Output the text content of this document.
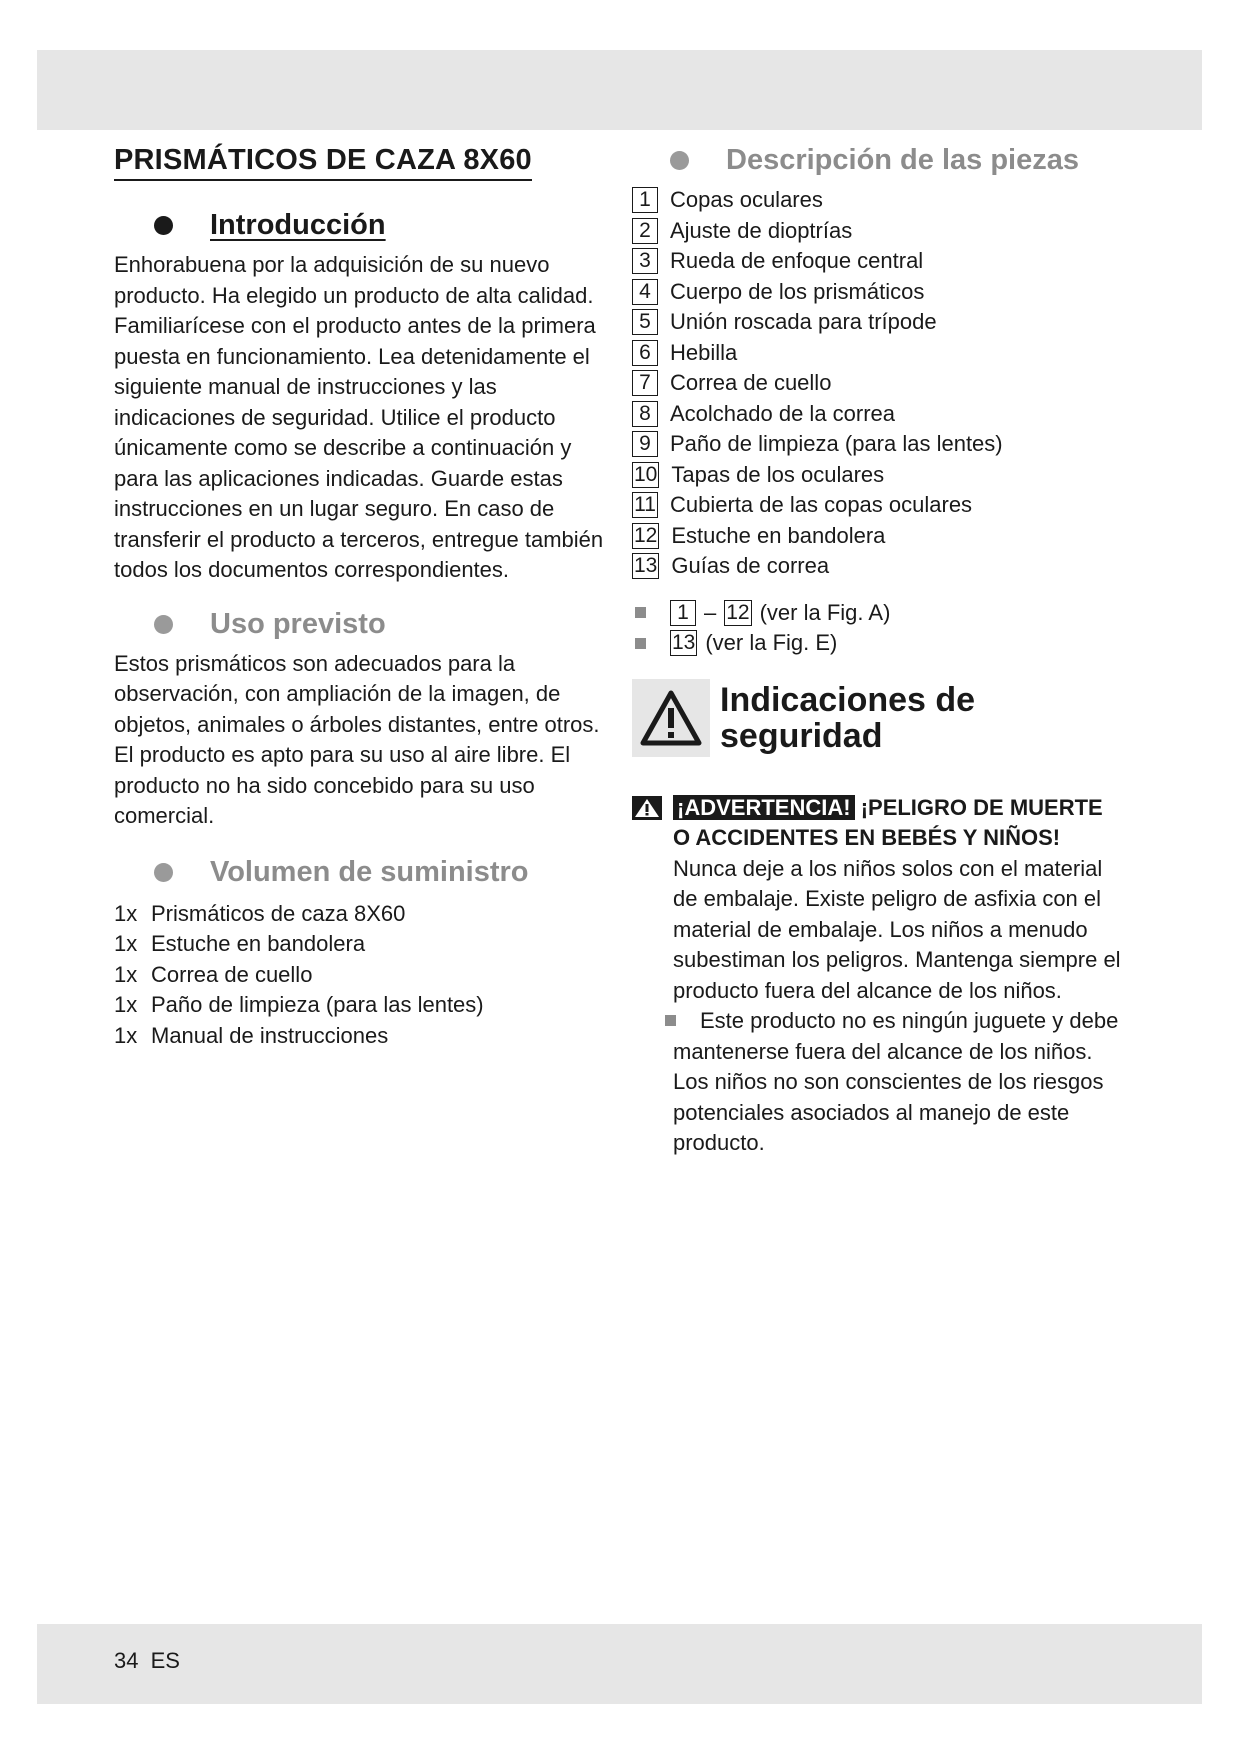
PRISMÁTICOS DE CAZA 8X60
Introducción

Enhorabuena por la adquisición de su nuevo producto. Ha elegido un producto de alta calidad. Familiarícese con el producto antes de la primera puesta en funcionamiento. Lea detenidamente el siguiente manual de instrucciones y las indicaciones de seguridad. Utilice el producto únicamente como se describe a continuación y para las aplicaciones indicadas. Guarde estas instrucciones en un lugar seguro. En caso de transferir el producto a terceros, entregue también todos los documentos correspondientes.

Uso previsto

Estos prismáticos son adecuados para la observación, con ampliación de la imagen, de objetos, animales o árboles distantes, entre otros. El producto es apto para su uso al aire libre. El producto no ha sido concebido para su uso comercial.

Volumen de suministro
1x Prismáticos de caza 8X60
1x Estuche en bandolera
1x Correa de cuello
1x Paño de limpieza (para las lentes)
1x Manual de instrucciones
Descripción de las piezas
1 Copas oculares
2 Ajuste de dioptrías
3 Rueda de enfoque central
4 Cuerpo de los prismáticos
5 Unión roscada para trípode
6 Hebilla
7 Correa de cuello
8 Acolchado de la correa
9 Paño de limpieza (para las lentes)
10 Tapas de los oculares
11 Cubierta de las copas oculares
12 Estuche en bandolera
13 Guías de correa
1 – 12 (ver la Fig. A)
13 (ver la Fig. E)
Indicaciones de
seguridad
¡ADVERTENCIA! ¡PELIGRO DE MUERTE O ACCIDENTES EN BEBÉS Y NIÑOS! Nunca deje a los niños solos con el material de embalaje. Existe peligro de asfixia con el material de embalaje. Los niños a menudo subestiman los peligros. Mantenga siempre el producto fuera del alcance de los niños.
Este producto no es ningún juguete y debe mantenerse fuera del alcance de los niños. Los niños no son conscientes de los riesgos potenciales asociados al manejo de este producto.
34 ES
